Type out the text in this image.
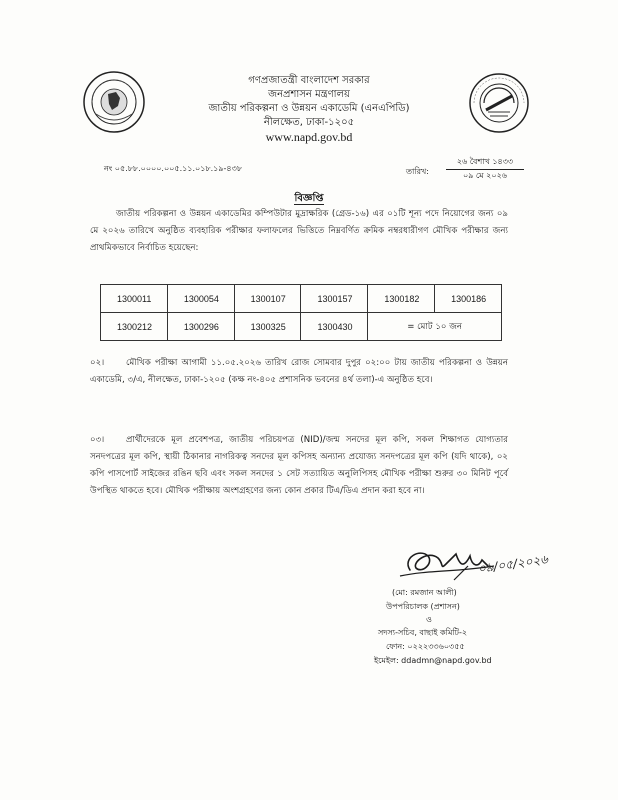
গণপ্রজাতন্ত্রী বাংলাদেশ সরকার
জনপ্রশাসন মন্ত্রণালয়
জাতীয় পরিকল্পনা ও উন্নয়ন একাডেমি (এনএপিডি)
নীলক্ষেত, ঢাকা-১২০৫
www.napd.gov.bd
নং ০৫.৮৮.০০০০.০০৫.১১.০১৮.১৯-৪৩৮	তারিখ:
২৬ বৈশাখ ১৪৩৩
০৯ মে ২০২৬
বিজ্ঞপ্তি
জাতীয় পরিকল্পনা ও উন্নয়ন একাডেমির কম্পিউটার মুদ্রাক্ষরিক (গ্রেড-১৬) এর ০১টি শূন্য পদে নিয়োগের জন্য ০৯ মে ২০২৬ তারিখে অনুষ্ঠিত ব্যবহারিক পরীক্ষার ফলাফলের ভিত্তিতে নিম্নবর্ণিত ক্রমিক নম্বরধারীগণ মৌখিক পরীক্ষার জন্য প্রাথমিকভাবে নির্বাচিত হয়েছেন:
1300011	1300054	1300107	1300157	1300182	1300186
1300212	1300296	1300325	1300430	= মোট ১০ জন	
০২।	মৌখিক পরীক্ষা আগামী ১১.০৫.২০২৬ তারিখ রোজ সোমবার দুপুর ০২:০০ টায় জাতীয় পরিকল্পনা ও উন্নয়ন একাডেমি, ৩/এ, নীলক্ষেত, ঢাকা-১২০৫ (কক্ষ নং-৪০৫ প্রশাসনিক ভবনের ৪র্থ তলা)-এ অনুষ্ঠিত হবে।
০৩।	প্রার্থীদেরকে মূল প্রবেশপত্র, জাতীয় পরিচয়পত্র (NID)/জন্ম সনদের মূল কপি, সকল শিক্ষাগত যোগ্যতার সনদপত্রের মূল কপি, স্থায়ী ঠিকানার নাগরিকত্ব সনদের মূল কপিসহ অন্যান্য প্রযোজ্য সনদপত্রের মূল কপি (যদি থাকে), ০২ কপি পাসপোর্ট সাইজের রঙিন ছবি এবং সকল সনদের ১ সেট সত্যায়িত অনুলিপিসহ মৌখিক পরীক্ষা শুরুর ৩০ মিনিট পূর্বে উপস্থিত থাকতে হবে। মৌখিক পরীক্ষায় অংশগ্রহণের জন্য কোন প্রকার টিএ/ডিএ প্রদান করা হবে না।
০৯/০৫/২০২৬
(মো: রমজান আলী)
উপপরিচালক (প্রশাসন)
ও
সদস্য-সচিব, বাছাই কমিটি-২
ফোন: ০২২২৩৩৬০৩৫৫
ইমেইল: ddadmn@napd.gov.bd
